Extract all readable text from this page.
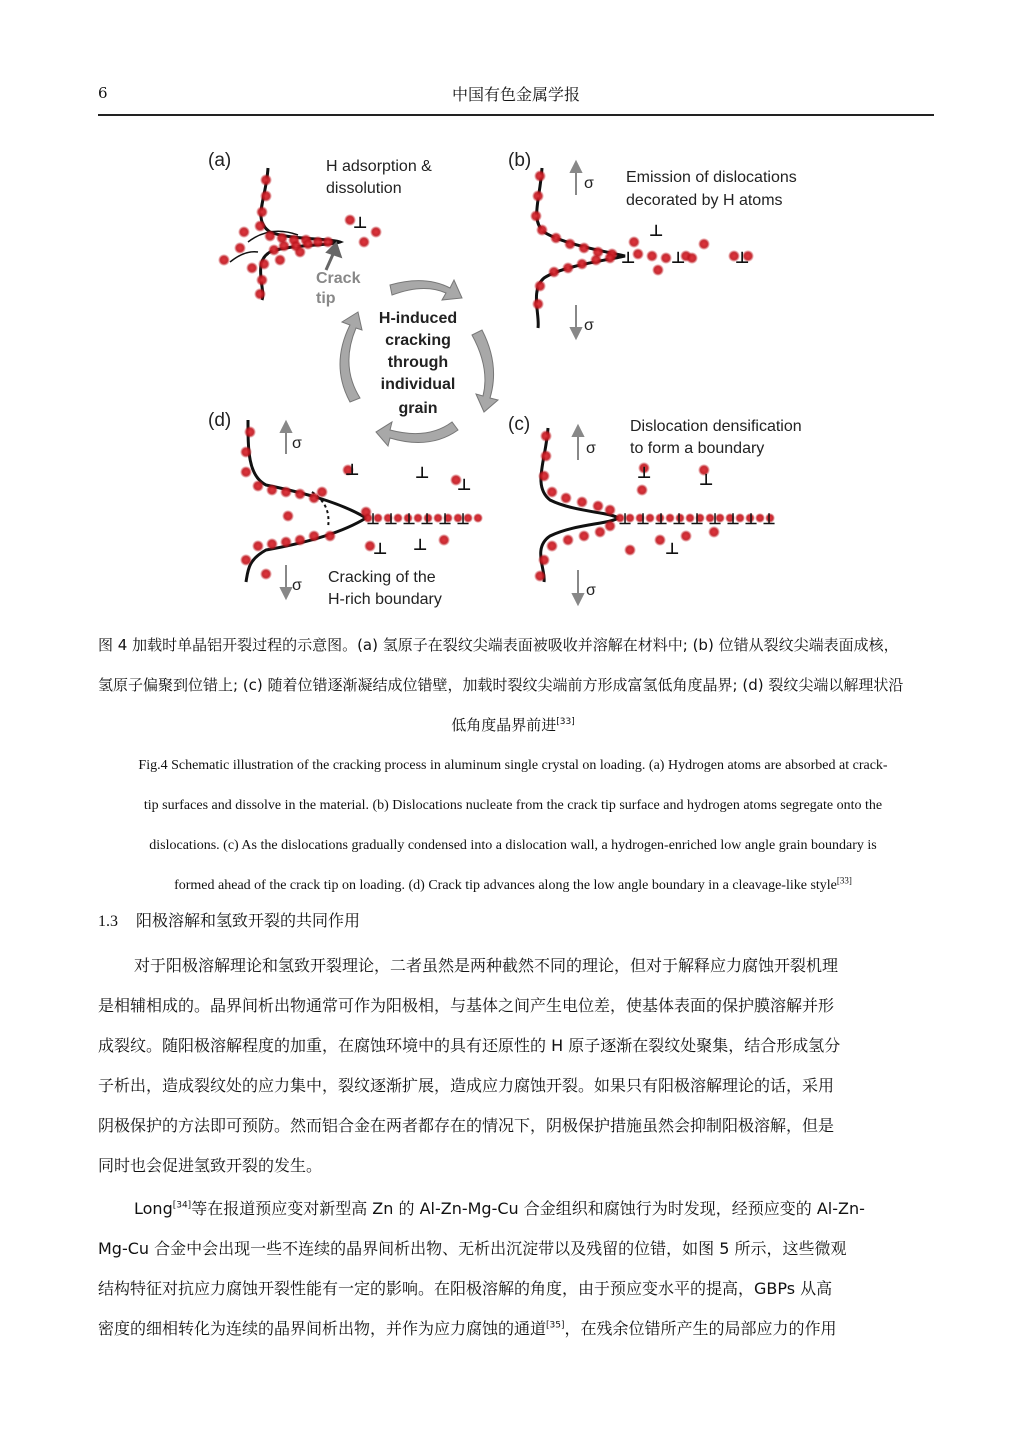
6	中国有色金属学报
(a)	(b)
(c)
(d)
H adsorption &
dissolution
Crack
tip
Emission of dislocations
decorated by H atoms
Dislocation densification
to form a boundary
Cracking of the
H-rich boundary
H-induced
cracking
through
individual
grain
σ
σ
σ
σ
σ
σ
⊥	⊥
⊥	⊥
⊥
⊥	⊥
⊥
⊥ ⊥
⊥	⊥
⊥
⊥ ⊥ ⊥ ⊥ ⊥ ⊥	⊥ ⊥ ⊥ ⊥ ⊥ ⊥ ⊥ ⊥ ⊥
图 4 加载时单晶铝开裂过程的示意图。(a) 氢原子在裂纹尖端表面被吸收并溶解在材料中; (b) 位错从裂纹尖端表面成核，
氢原子偏聚到位错上; (c) 随着位错逐渐凝结成位错壁，加载时裂纹尖端前方形成富氢低角度晶界; (d) 裂纹尖端以解理状沿
低角度晶界前进[33]
Fig.4 Schematic illustration of the cracking process in aluminum single crystal on loading. (a) Hydrogen atoms are absorbed at crack-
tip surfaces and dissolve in the material. (b) Dislocations nucleate from the crack tip surface and hydrogen atoms segregate onto the
dislocations. (c) As the dislocations gradually condensed into a dislocation wall, a hydrogen-enriched low angle grain boundary is
formed ahead of the crack tip on loading. (d) Crack tip advances along the low angle boundary in a cleavage-like style[33]
1.3 阳极溶解和氢致开裂的共同作用
对于阳极溶解理论和氢致开裂理论，二者虽然是两种截然不同的理论，但对于解释应力腐蚀开裂机理
是相辅相成的。晶界间析出物通常可作为阳极相，与基体之间产生电位差，使基体表面的保护膜溶解并形
成裂纹。随阳极溶解程度的加重，在腐蚀环境中的具有还原性的 H 原子逐渐在裂纹处聚集，结合形成氢分
子析出，造成裂纹处的应力集中，裂纹逐渐扩展，造成应力腐蚀开裂。如果只有阳极溶解理论的话，采用
阴极保护的方法即可预防。然而铝合金在两者都存在的情况下，阴极保护措施虽然会抑制阳极溶解，但是
同时也会促进氢致开裂的发生。
Long[34]等在报道预应变对新型高 Zn 的 Al-Zn-Mg-Cu 合金组织和腐蚀行为时发现，经预应变的 Al-Zn-
Mg-Cu 合金中会出现一些不连续的晶界间析出物、无析出沉淀带以及残留的位错，如图 5 所示，这些微观
结构特征对抗应力腐蚀开裂性能有一定的影响。在阳极溶解的角度，由于预应变水平的提高，GBPs 从高
密度的细相转化为连续的晶界间析出物，并作为应力腐蚀的通道[35]，在残余位错所产生的局部应力的作用
